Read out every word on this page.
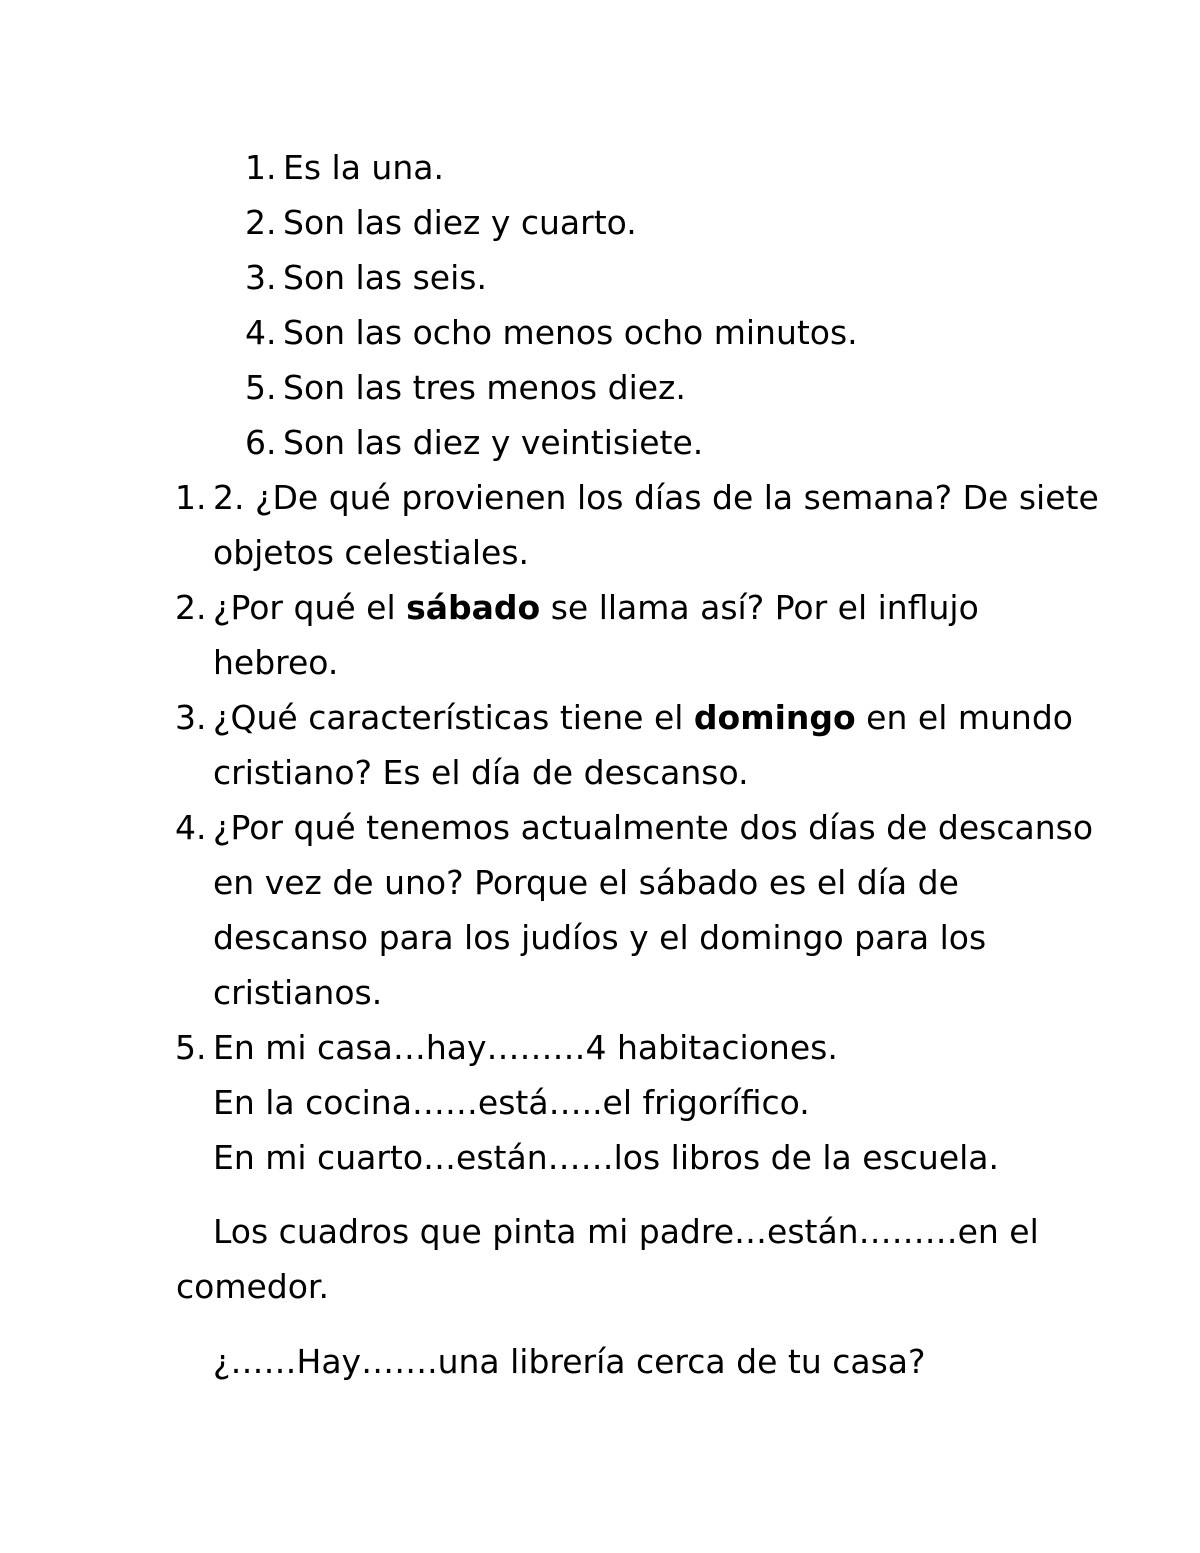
1. Es la una.
2. Son las diez y cuarto.
3. Son las seis.
4. Son las ocho menos ocho minutos.
5. Son las tres menos diez.
6. Son las diez y veintisiete.
1. 2. ¿De qué provienen los días de la semana? De siete
objetos celestiales.
2. ¿Por qué el sábado se llama así? Por el influjo
hebreo.
3. ¿Qué características tiene el domingo en el mundo
cristiano? Es el día de descanso.
4. ¿Por qué tenemos actualmente dos días de descanso
en vez de uno? Porque el sábado es el día de
descanso para los judíos y el domingo para los
cristianos.
5. En mi casa…hay………4 habitaciones.
En la cocina……está…..el frigorífico.
En mi cuarto…están……los libros de la escuela.
Los cuadros que pinta mi padre…están………en el
comedor.
¿……Hay…….una librería cerca de tu casa?
